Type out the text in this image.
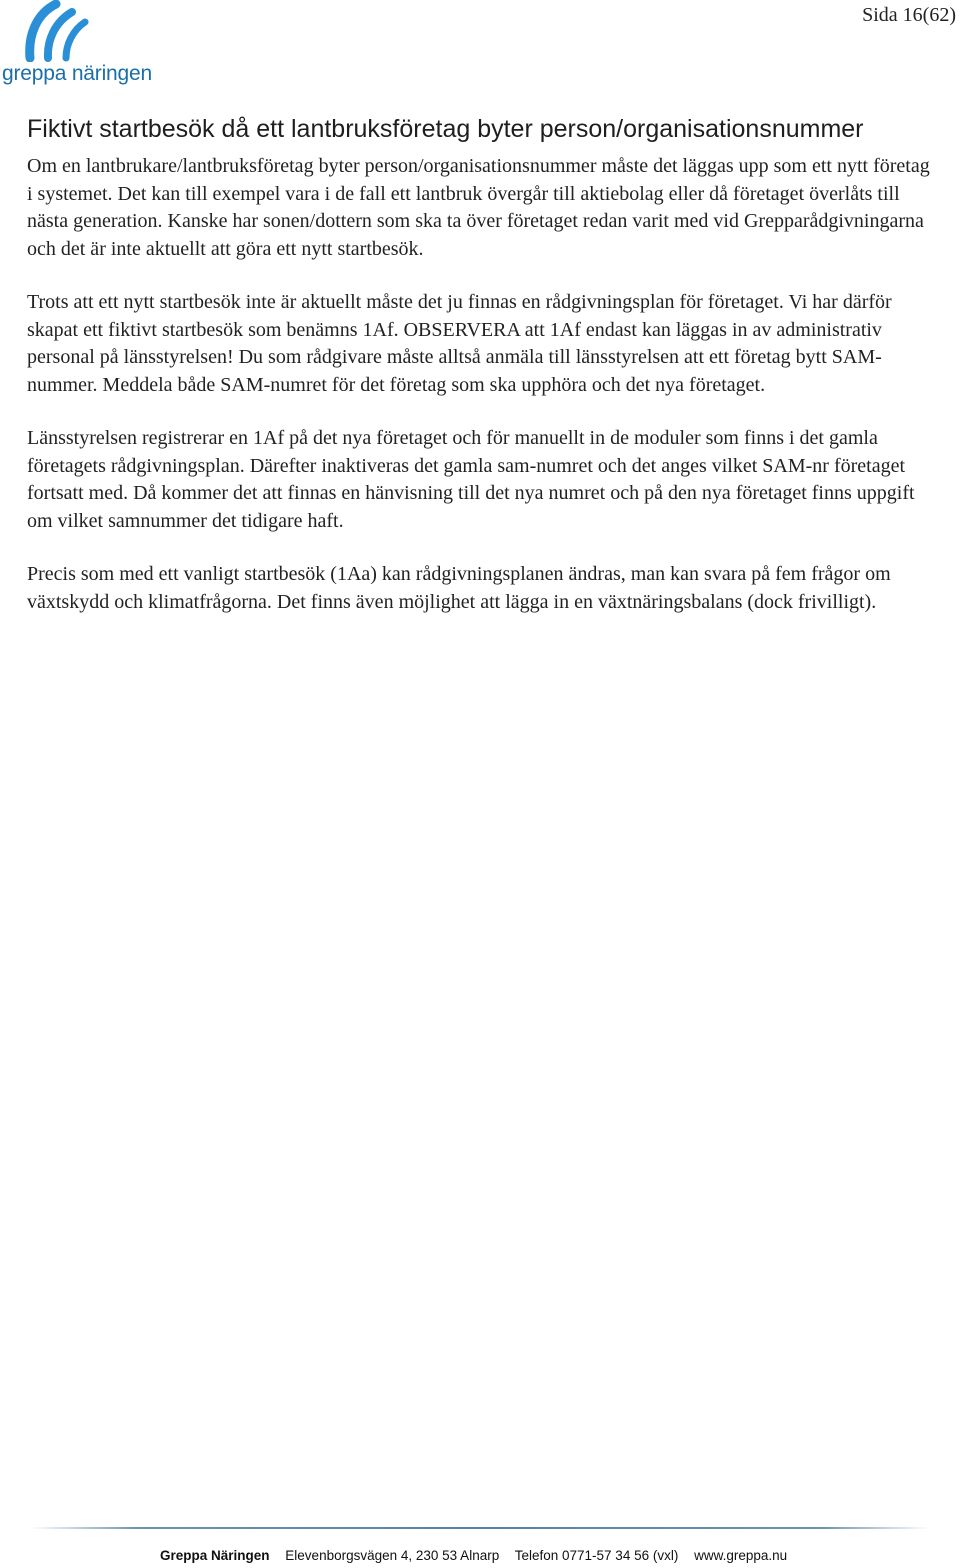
greppa näringen
Sida 16(62)
Fiktivt startbesök då ett lantbruksföretag byter person/organisationsnummer

Om en lantbrukare/lantbruksföretag byter person/organisationsnummer måste det läggas upp som ett nytt företag i systemet. Det kan till exempel vara i de fall ett lantbruk övergår till aktiebolag eller då företaget överlåts till nästa generation. Kanske har sonen/dottern som ska ta över företaget redan varit med vid Grepparådgivningarna och det är inte aktuellt att göra ett nytt startbesök.

Trots att ett nytt startbesök inte är aktuellt måste det ju finnas en rådgivningsplan för företaget. Vi har därför skapat ett fiktivt startbesök som benämns 1Af. OBSERVERA att 1Af endast kan läggas in av administrativ personal på länsstyrelsen! Du som rådgivare måste alltså anmäla till länsstyrelsen att ett företag bytt SAM-nummer. Meddela både SAM-numret för det företag som ska upphöra och det nya företaget.

Länsstyrelsen registrerar en 1Af på det nya företaget och för manuellt in de moduler som finns i det gamla företagets rådgivningsplan. Därefter inaktiveras det gamla sam-numret och det anges vilket SAM-nr företaget fortsatt med. Då kommer det att finnas en hänvisning till det nya numret och på den nya företaget finns uppgift om vilket samnummer det tidigare haft.

Precis som med ett vanligt startbesök (1Aa) kan rådgivningsplanen ändras, man kan svara på fem frågor om växtskydd och klimatfrågorna. Det finns även möjlighet att lägga in en växtnäringsbalans (dock frivilligt).

Greppa Näringen Elevenborgsvägen 4, 230 53 Alnarp Telefon 0771-57 34 56 (vxl) www.greppa.nu
